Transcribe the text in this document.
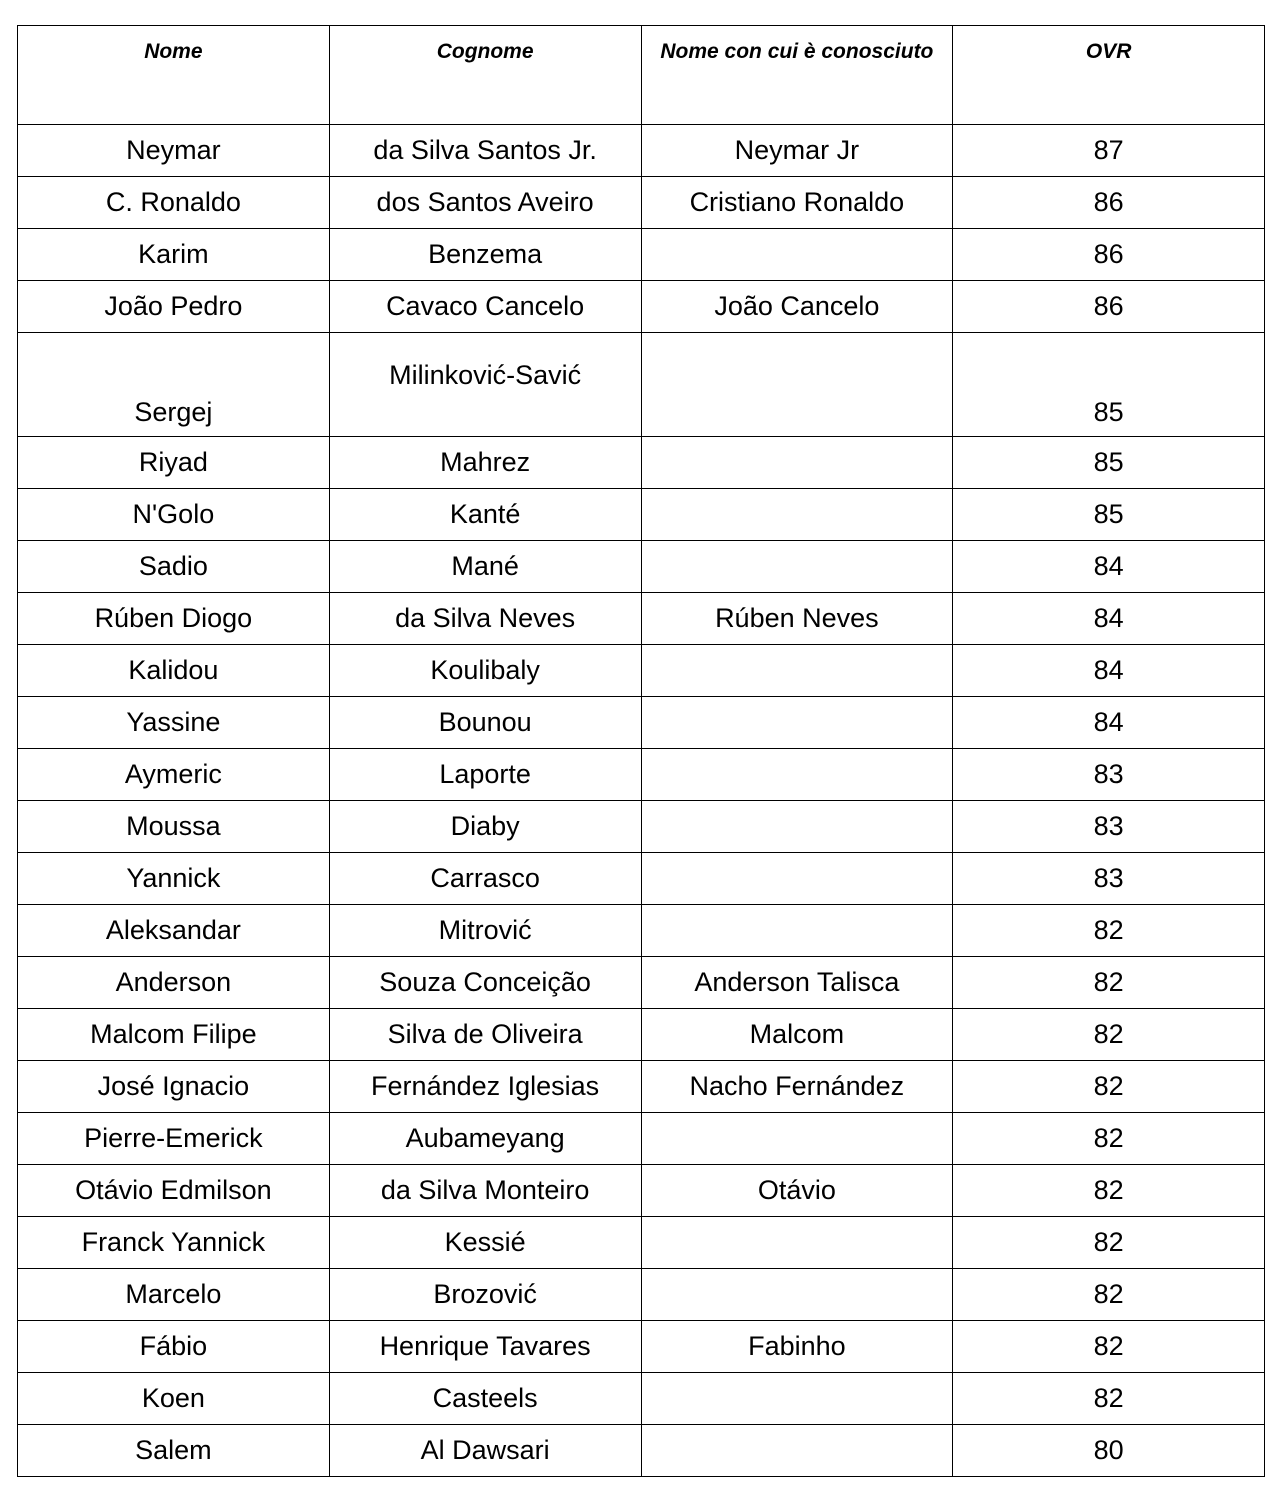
Nome	Cognome	Nome con cui è conosciuto	OVR
Neymar	da Silva Santos Jr.	Neymar Jr	87
C. Ronaldo	dos Santos Aveiro	Cristiano Ronaldo	86
Karim	Benzema		86
João Pedro	Cavaco Cancelo	João Cancelo	86
Sergej	Milinković-Savić		85
Riyad	Mahrez		85
N'Golo	Kanté		85
Sadio	Mané		84
Rúben Diogo	da Silva Neves	Rúben Neves	84
Kalidou	Koulibaly		84
Yassine	Bounou		84
Aymeric	Laporte		83
Moussa	Diaby		83
Yannick	Carrasco		83
Aleksandar	Mitrović		82
Anderson	Souza Conceição	Anderson Talisca	82
Malcom Filipe	Silva de Oliveira	Malcom	82
José Ignacio	Fernández Iglesias	Nacho Fernández	82
Pierre-Emerick	Aubameyang		82
Otávio Edmilson	da Silva Monteiro	Otávio	82
Franck Yannick	Kessié		82
Marcelo	Brozović		82
Fábio	Henrique Tavares	Fabinho	82
Koen	Casteels		82
Salem	Al Dawsari		80
